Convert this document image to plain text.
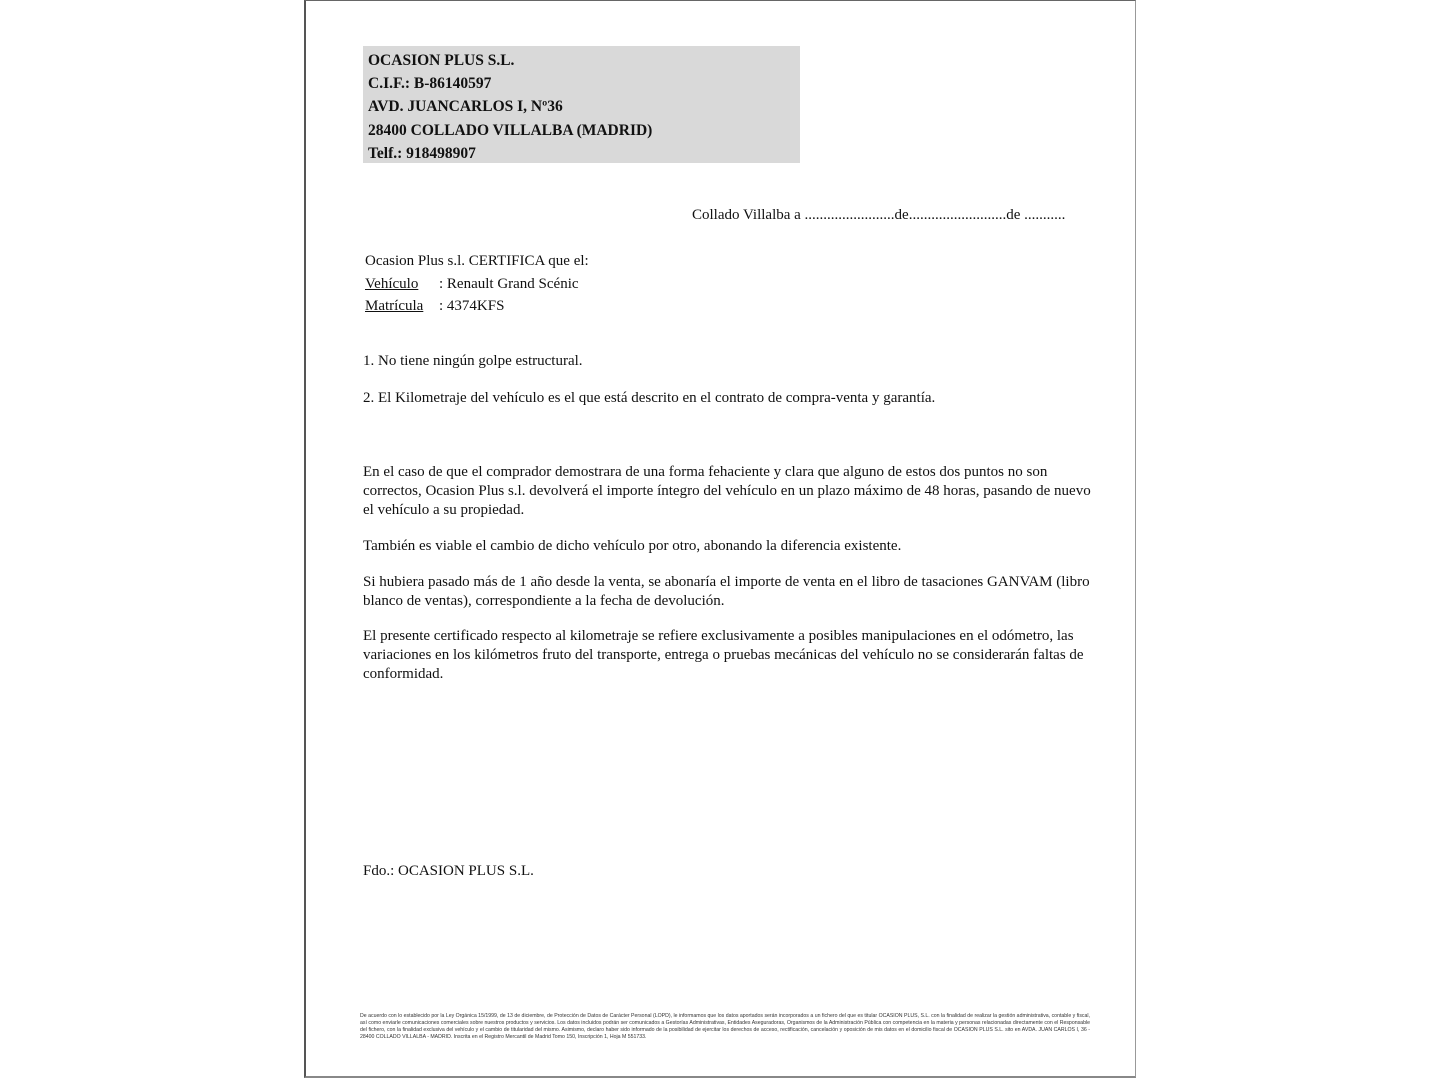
OCASION PLUS S.L.
C.I.F.: B-86140597
AVD. JUANCARLOS I, Nº36
28400 COLLADO VILLALBA (MADRID)
Telf.: 918498907
Collado Villalba a ........................de..........................de ...........
Ocasion Plus s.l. CERTIFICA que el:
Vehículo : Renault Grand Scénic
Matrícula : 4374KFS
1. No tiene ningún golpe estructural.
2. El Kilometraje del vehículo es el que está descrito en el contrato de compra-venta y garantía.
En el caso de que el comprador demostrara de una forma fehaciente y clara que alguno de estos dos puntos no son correctos, Ocasion Plus s.l. devolverá el importe íntegro del vehículo en un plazo máximo de 48 horas, pasando de nuevo el vehículo a su propiedad.
También es viable el cambio de dicho vehículo por otro, abonando la diferencia existente.
Si hubiera pasado más de 1 año desde la venta, se abonaría el importe de venta en el libro de tasaciones GANVAM (libro blanco de ventas), correspondiente a la fecha de devolución.
El presente certificado respecto al kilometraje se refiere exclusivamente a posibles manipulaciones en el odómetro, las variaciones en los kilómetros fruto del transporte, entrega o pruebas mecánicas del vehículo no se considerarán faltas de conformidad.
Fdo.: OCASION PLUS S.L.
De acuerdo con lo establecido por la Ley Orgánica 15/1999, de 13 de diciembre, de Protección de Datos de Carácter Personal (LOPD), le informamos que los datos aportados serán incorporados a un fichero del que es titular OCASION PLUS, S.L. con la finalidad de realizar la gestión administrativa, contable y fiscal, así como enviarle comunicaciones comerciales sobre nuestros productos y servicios. Los datos incluidos podrán ser comunicados a Gestorías Administrativas, Entidades Aseguradoras, Organismos de la Administración Pública con competencia en la materia y personas relacionadas directamente con el Responsable del fichero, con la finalidad exclusiva del vehículo y el cambio de titularidad del mismo. Asimismo, declaro haber sido informado de la posibilidad de ejercitar los derechos de acceso, rectificación, cancelación y oposición de mis datos en el domicilio fiscal de OCASION PLUS S.L. sito en AVDA. JUAN CARLOS I, 36 - 28400 COLLADO VILLALBA - MADRID. Inscrita en el Registro Mercantil de Madrid Tomo 150, Inscripción 1, Hoja M 551733.
